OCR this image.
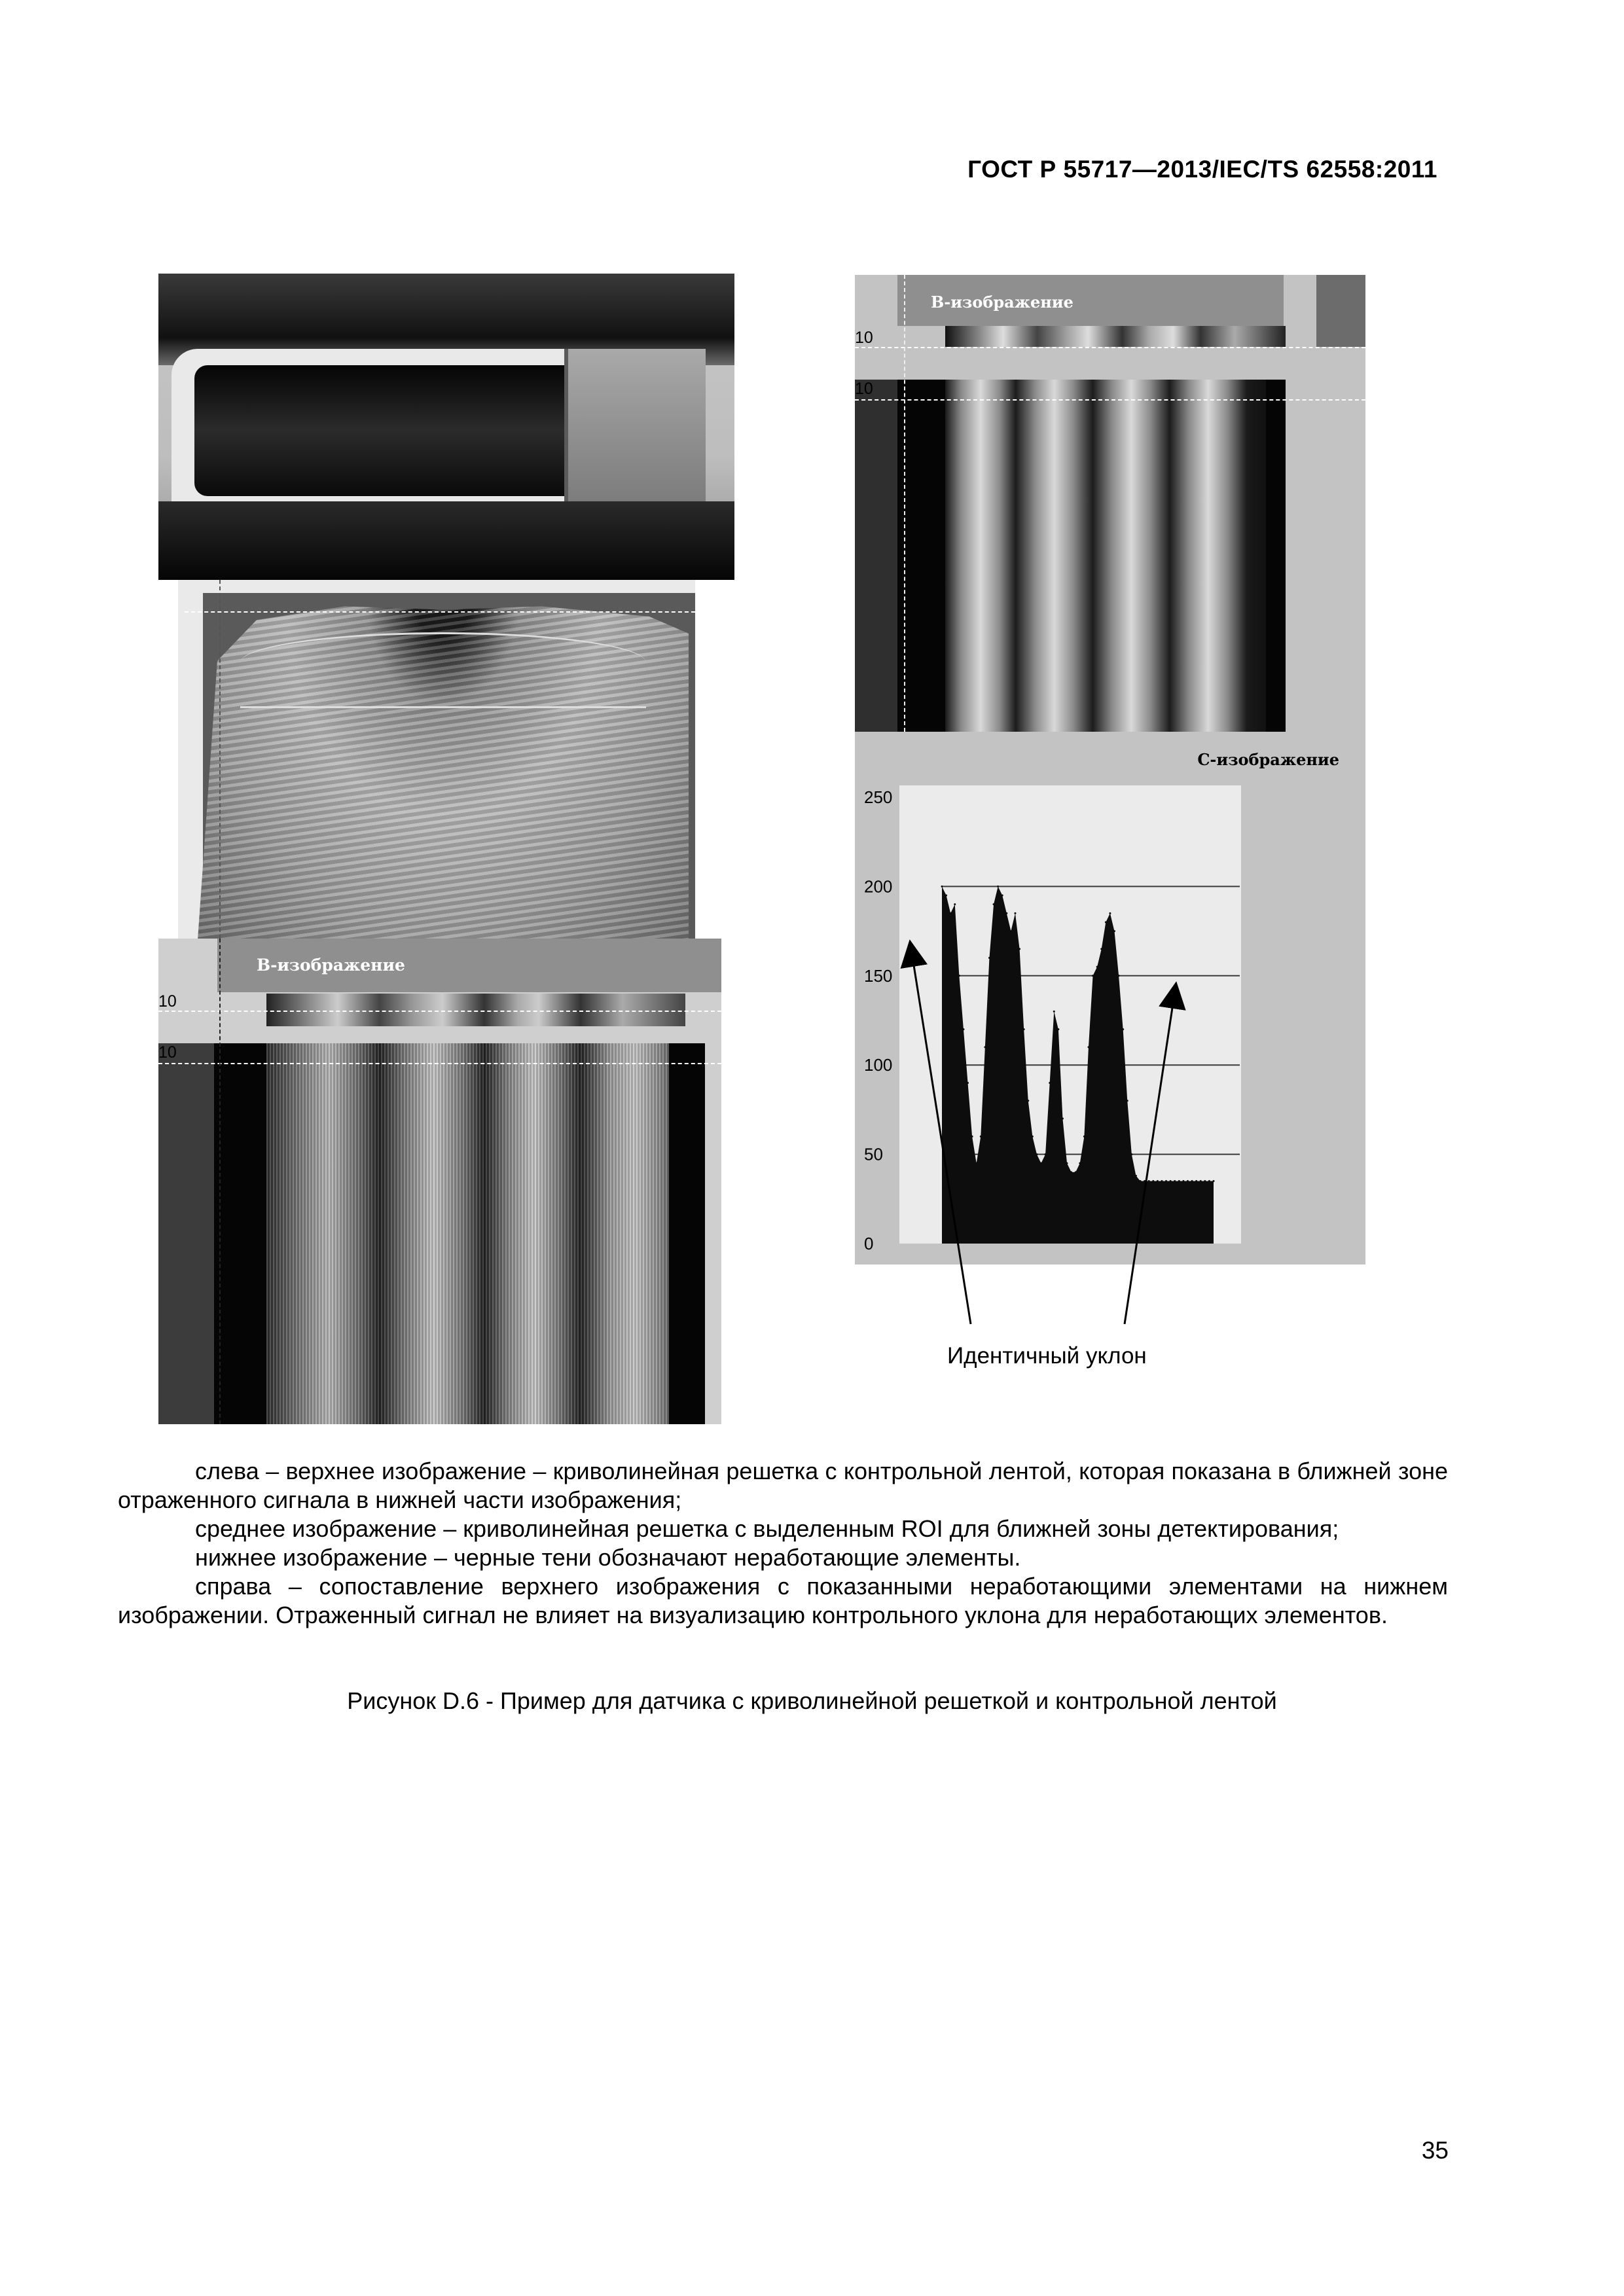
ГОСТ Р 55717—2013/IEC/TS 62558:2011
В-изображение
10
10
В-изображение
10
10
С-изображение
0
50
100
150
200
250
Идентичный уклон

слева – верхнее изображение – криволинейная решетка с контрольной лентой, которая показана в ближней зоне отраженного сигнала в нижней части изображения;

среднее изображение – криволинейная решетка с выделенным ROI для ближней зоны детектирования;

нижнее изображение – черные тени обозначают неработающие элементы.

справа – сопоставление верхнего изображения с показанными неработающими элементами на нижнем изображении. Отраженный сигнал не влияет на визуализацию контрольного уклона для неработающих элементов.

Рисунок D.6 - Пример для датчика с криволинейной решеткой и контрольной лентой
35
